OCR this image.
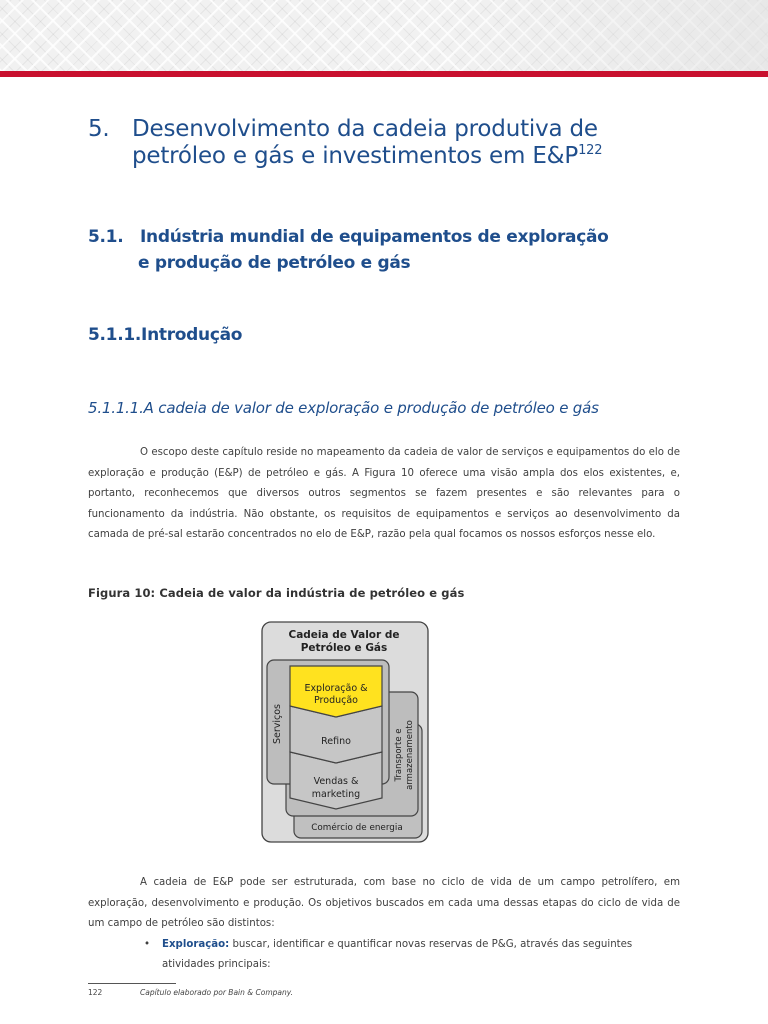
5. Desenvolvimento da cadeia produtiva de
petróleo e gás e investimentos em $E\&P^{122}$
5.1. Indústria mundial de equipamentos de exploração
e produção de petróleo e gás
5.1.1.Introdução
5.1.1.1.A cadeia de valor de exploração e produção de petróleo e gás
O escopo deste capítulo reside no mapeamento da cadeia de valor de serviços e equipamentos do elo de exploração e produção (E&P) de petróleo e gás. A Figura 10 oferece uma visão ampla dos elos existentes, e, portanto, reconhecemos que diversos outros segmentos se fazem presentes e são relevantes para o funcionamento da indústria. Não obstante, os requisitos de equipamentos e serviços ao desenvolvimento da camada de pré-sal estarão concentrados no elo de E&P, razão pela qual focamos os nossos esforços nesse elo.
Figura 10: Cadeia de valor da indústria de petróleo e gás
Cadeia de Valor de
Petróleo e Gás
Comércio de energia
Transporte e armazenamento
Serviços
Vendas &
marketing
Refino
Exploração &
Produção
A cadeia de E&P pode ser estruturada, com base no ciclo de vida de um campo petrolífero, em exploração, desenvolvimento e produção. Os objetivos buscados em cada uma dessas etapas do ciclo de vida de um campo de petróleo são distintos:
• Exploração: buscar, identificar e quantificar novas reservas de P&G, através das seguintes atividades principais:
122	Capítulo elaborado por Bain & Company.
